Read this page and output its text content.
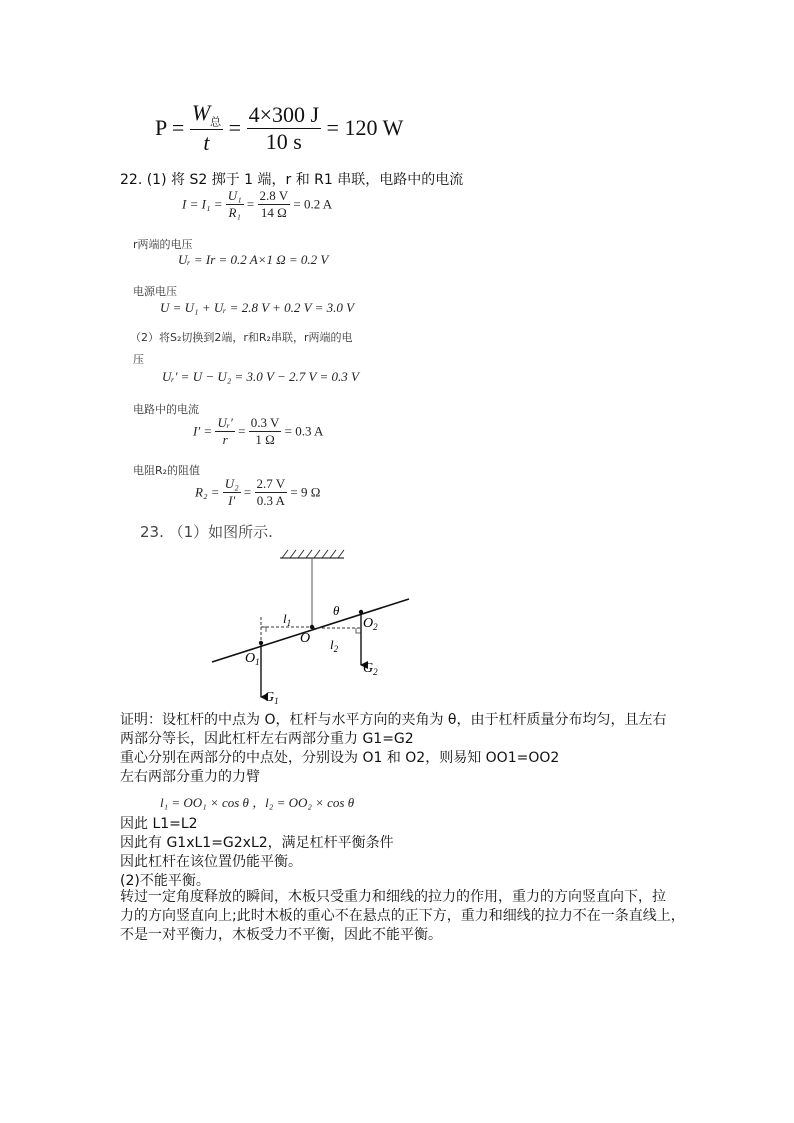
$P = \frac{W_总}{t} = \frac{4\times 300 J}{10 s} = 120$ W
22. (1) 将 S2 掷于 1 端，r 和 R1 串联，电路中的电流
$I = I_1 = \frac{\text{U₁}}{\text{R₁}} = \frac{2.8 V}{14 \Omega} = 0.2$ A
r两端的电压
Uᵣ = Ir = 0.2 A×1 Ω = 0.2 V
电源电压
U = U₁ + Uᵣ = 2.8 V + 0.2 V = 3.0 V
（2）将S₂切换到2端，r和R₂串联，r两端的电
压
Uᵣ′ = U − U₂ = 3.0 V − 2.7 V = 0.3 V
电路中的电流
$I' = \frac{\text{Uᵣ′}}{r} = \frac{0.3 V}{1 \Omega} = 0.3$ A
电阻R₂的阻值
$R_2 = \frac{\text{U₂}}{I'} = \frac{2.7 V}{0.3 A} = 9$ Ω
23. （1）如图所示.
$l_1$
$l_2$
θ
O
$O_1$
$O_2$
$G_1$
$G_2$
证明：设杠杆的中点为 O，杠杆与水平方向的夹角为 θ，由于杠杆质量分布均匀，且左右
两部分等长，因此杠杆左右两部分重力 G1=G2
重心分别在两部分的中点处，分别设为 O1 和 O2，则易知 OO1=OO2
左右两部分重力的力臂
l₁ = OO₁ × cos θ ，l₂ = OO₂ × cos θ
因此 L1=L2
因此有 G1xL1=G2xL2，满足杠杆平衡条件
因此杠杆在该位置仍能平衡。
(2)不能平衡。
转过一定角度释放的瞬间，木板只受重力和细线的拉力的作用，重力的方向竖直向下，拉
力的方向竖直向上;此时木板的重心不在悬点的正下方，重力和细线的拉力不在一条直线上，
不是一对平衡力，木板受力不平衡，因此不能平衡。
